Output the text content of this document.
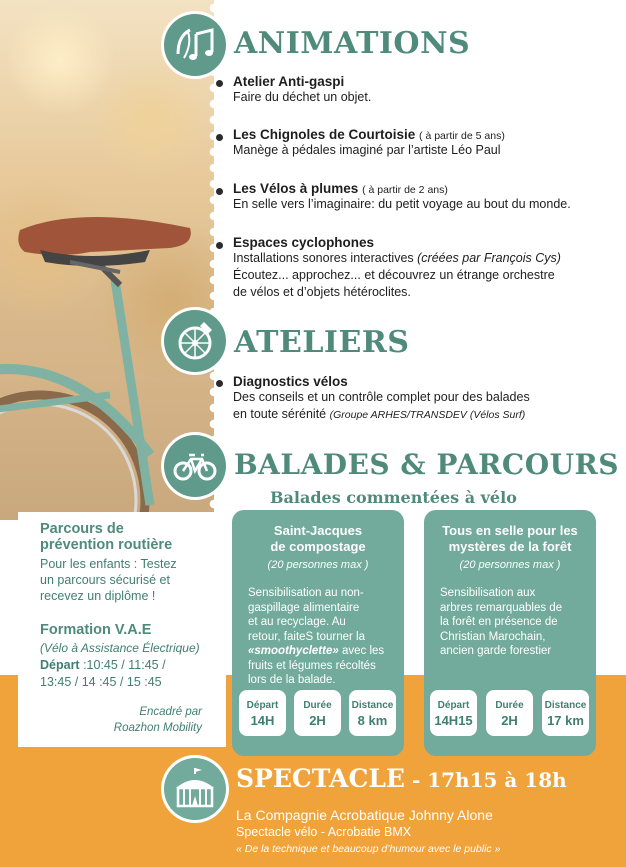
ANIMATIONS
Atelier Anti-gaspi
Faire du déchet un objet.
Les Chignoles de Courtoisie ( à partir de 5 ans)
Manège à pédales imaginé par l’artiste Léo Paul
Les Vélos à plumes ( à partir de 2 ans)
En selle vers l’imaginaire: du petit voyage au bout du monde.
Espaces cyclophones
Installations sonores interactives (créées par François Cys)
Écoutez... approchez... et découvrez un étrange orchestre
de vélos et d’objets hétéroclites.
ATELIERS
Diagnostics vélos
Des conseils et un contrôle complet pour des balades
en toute sérénité (Groupe ARHES/TRANSDEV (Vélos Surf)
BALADES & PARCOURS
Balades commentées à vélo
Parcours de
prévention routière
Pour les enfants : Testez
un parcours sécurisé et
recevez un diplôme !
Formation V.A.E
(Vélo à Assistance Électrique)
Départ :10:45 / 11:45 /
13:45 / 14 :45 / 15 :45
Encadré par
Roazhon Mobility
Saint-Jacques
de compostage
(20 personnes max )
Sensibilisation au non-
gaspillage alimentaire
et au recyclage. Au
retour, faiteS tourner la
«smoothyclette» avec les
fruits et légumes récoltés
lors de la balade.
Départ
14H
Durée
2H
Distance
8 km
Tous en selle pour les
mystères de la forêt
(20 personnes max )
Sensibilisation aux
arbres remarquables de
la forêt en présence de
Christian Marochain,
ancien garde forestier
Départ
14H15
Durée
2H
Distance
17 km
SPECTACLE - 17h15 à 18h
La Compagnie Acrobatique Johnny Alone
Spectacle vélo - Acrobatie BMX
« De la technique et beaucoup d’humour avec le public »
